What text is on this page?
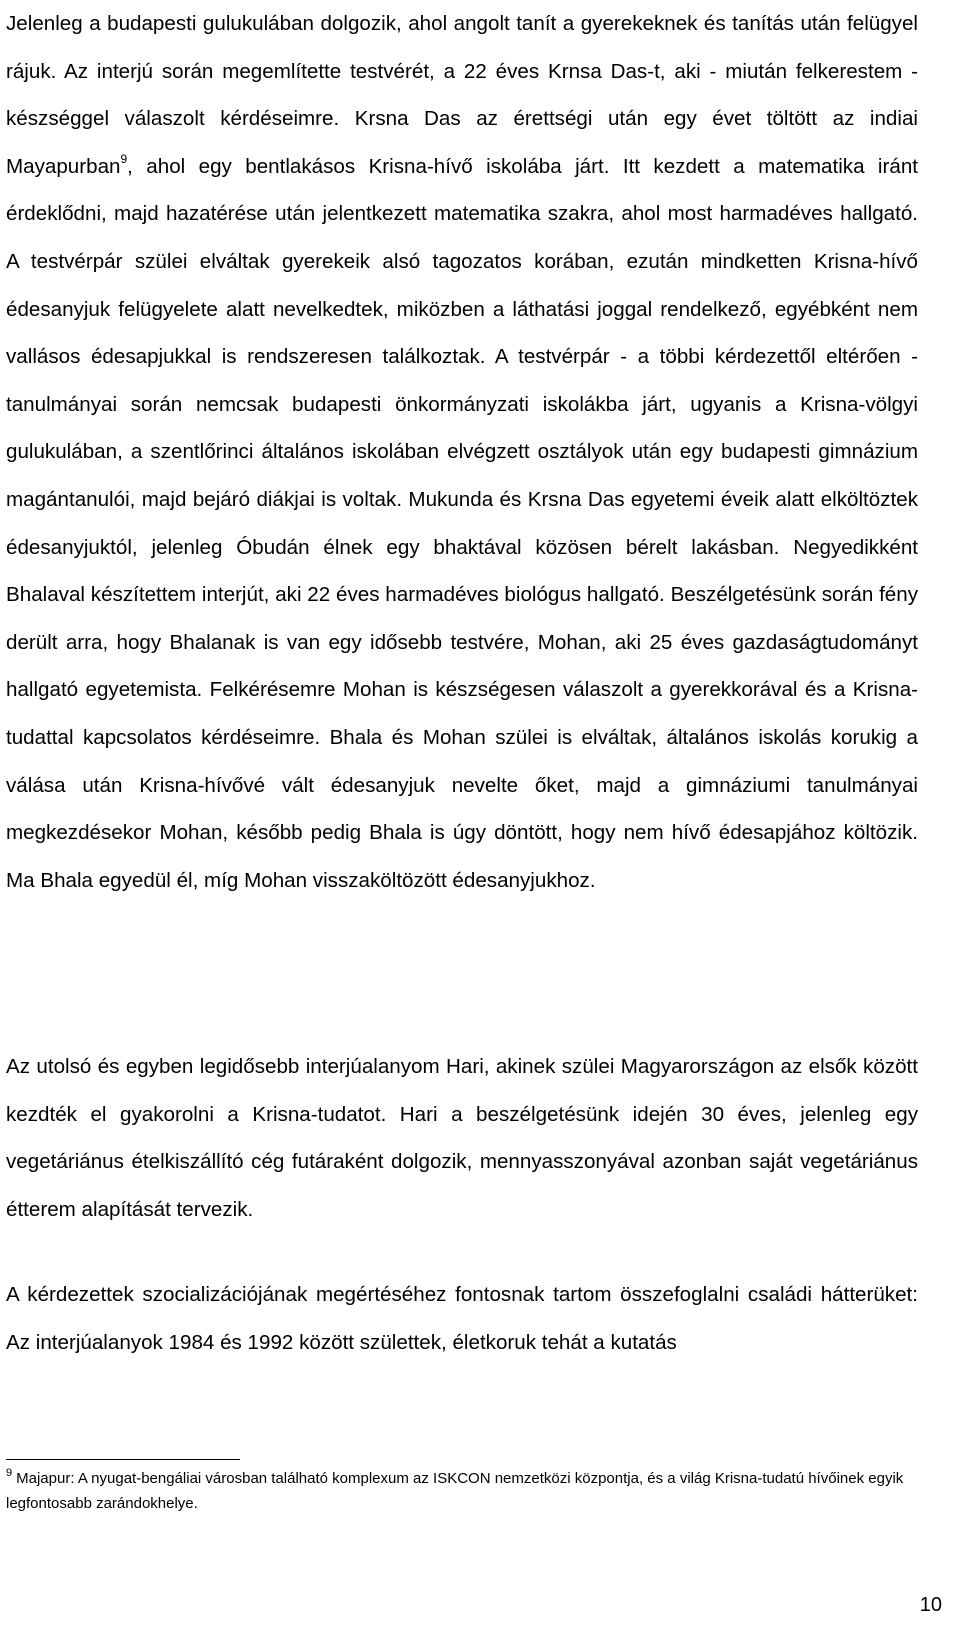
Jelenleg a budapesti gulukulában dolgozik, ahol angolt tanít a gyerekeknek és tanítás után felügyel rájuk. Az interjú során megemlítette testvérét, a 22 éves Krnsa Das-t, aki - miután felkerestem - készséggel válaszolt kérdéseimre. Krsna Das az érettségi után egy évet töltött az indiai Mayapurban$^9$, ahol egy bentlakásos Krisna-hívő iskolába járt. Itt kezdett a matematika iránt érdeklődni, majd hazatérése után jelentkezett matematika szakra, ahol most harmadéves hallgató. A testvérpár szülei elváltak gyerekeik alsó tagozatos korában, ezután mindketten Krisna-hívő édesanyjuk felügyelete alatt nevelkedtek, miközben a láthatási joggal rendelkező, egyébként nem vallásos édesapjukkal is rendszeresen találkoztak. A testvérpár - a többi kérdezettől eltérően - tanulmányai során nemcsak budapesti önkormányzati iskolákba járt, ugyanis a Krisna-völgyi gulukulában, a szentlőrinci általános iskolában elvégzett osztályok után egy budapesti gimnázium magántanulói, majd bejáró diákjai is voltak. Mukunda és Krsna Das egyetemi éveik alatt elköltöztek édesanyjuktól, jelenleg Óbudán élnek egy bhaktával közösen bérelt lakásban. Negyedikként Bhalaval készítettem interjút, aki 22 éves harmadéves biológus hallgató. Beszélgetésünk során fény derült arra, hogy Bhalanak is van egy idősebb testvére, Mohan, aki 25 éves gazdaságtudományt hallgató egyetemista. Felkérésemre Mohan is készségesen válaszolt a gyerekkorával és a Krisna-tudattal kapcsolatos kérdéseimre. Bhala és Mohan szülei is elváltak, általános iskolás korukig a válása után Krisna-hívővé vált édesanyjuk nevelte őket, majd a gimnáziumi tanulmányai megkezdésekor Mohan, később pedig Bhala is úgy döntött, hogy nem hívő édesapjához költözik. Ma Bhala egyedül él, míg Mohan visszaköltözött édesanyjukhoz.

Az utolsó és egyben legidősebb interjúalanyom Hari, akinek szülei Magyarországon az elsők között kezdték el gyakorolni a Krisna-tudatot. Hari a beszélgetésünk idején 30 éves, jelenleg egy vegetáriánus ételkiszállító cég futáraként dolgozik, mennyasszonyával azonban saját vegetáriánus étterem alapítását tervezik.

A kérdezettek szocializációjának megértéséhez fontosnak tartom összefoglalni családi hátterüket: Az interjúalanyok 1984 és 1992 között születtek, életkoruk tehát a kutatás

$^9$ Majapur: A nyugat-bengáliai városban található komplexum az ISKCON nemzetközi központja, és a világ Krisna-tudatú hívőinek egyik legfontosabb zarándokhelye.

10
